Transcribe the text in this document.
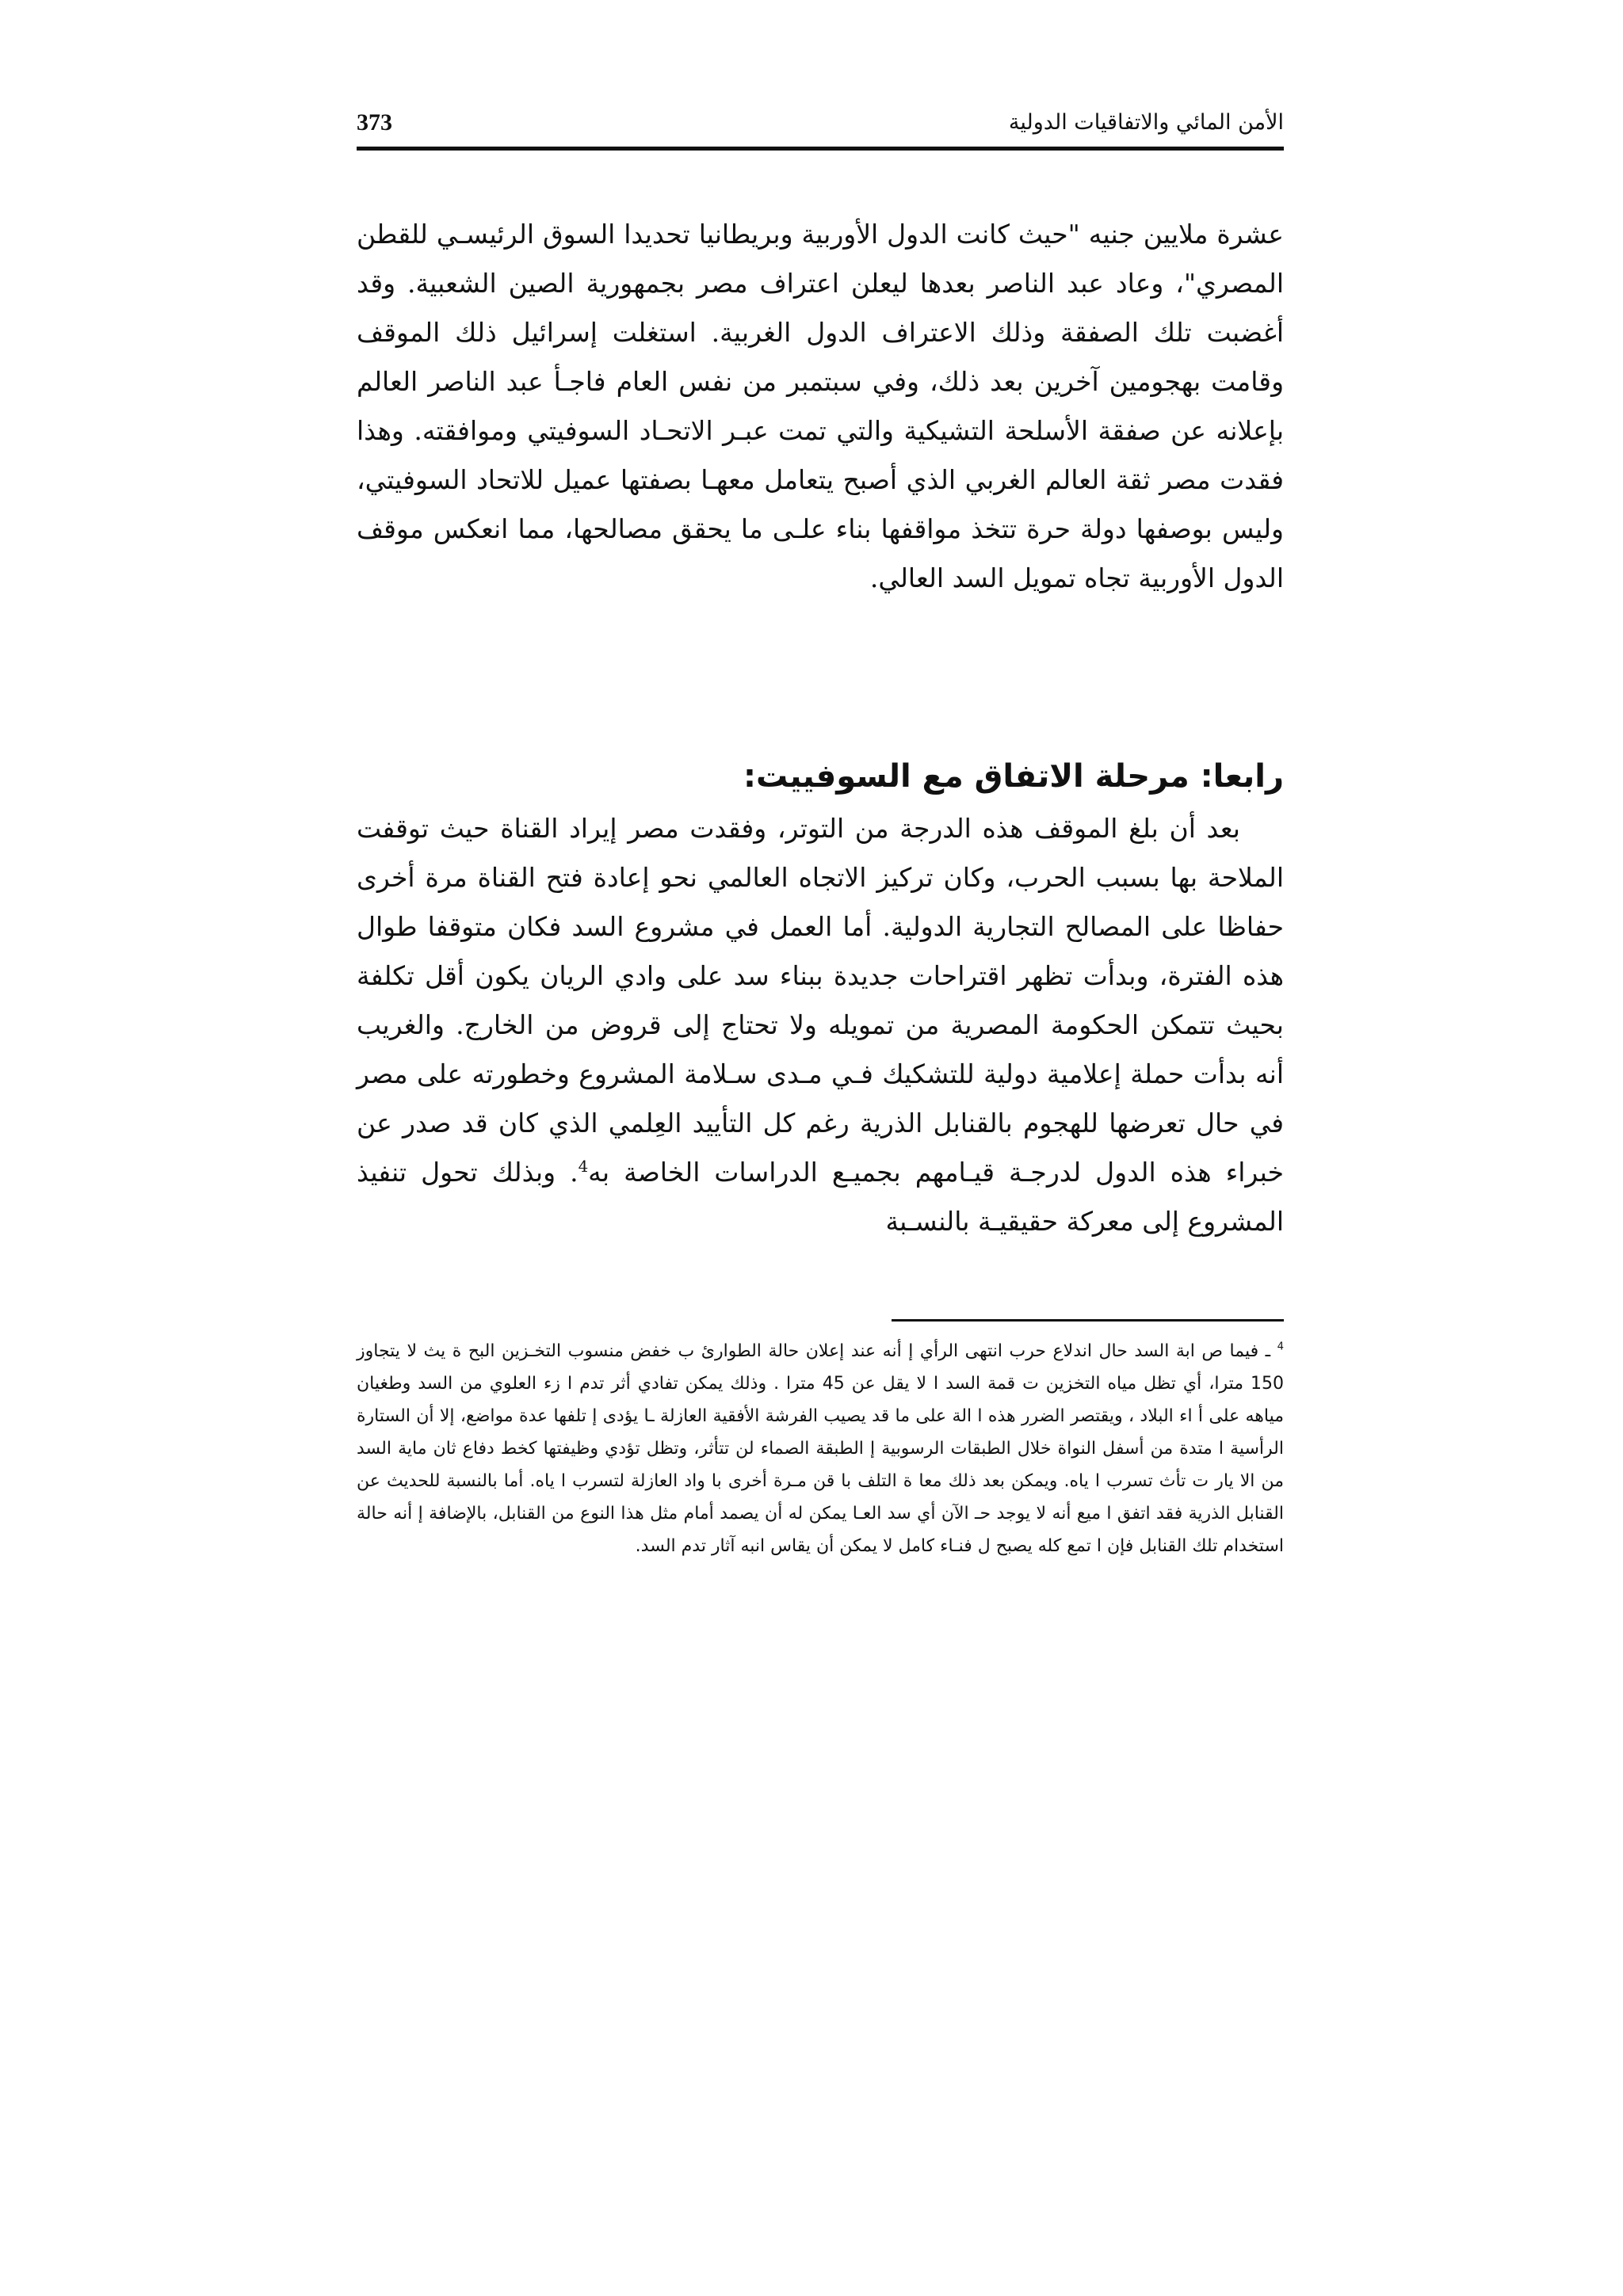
الأمن المائي والاتفاقيات الدولية
373

عشرة ملايين جنيه "حيث كانت الدول الأوربية وبريطانيا تحديدا السوق الرئيسـي للقطن المصري"، وعاد عبد الناصر بعدها ليعلن اعتراف مصر بجمهورية الصين الشعبية. وقد أغضبت تلك الصفقة وذلك الاعتراف الدول الغربية. استغلت إسرائيل ذلك الموقف وقامت بهجومين آخرين بعد ذلك، وفي سبتمبر من نفس العام فاجـأ عبد الناصر العالم بإعلانه عن صفقة الأسلحة التشيكية والتي تمت عبـر الاتحـاد السوفيتي وموافقته. وهذا فقدت مصر ثقة العالم الغربي الذي أصبح يتعامل معهـا بصفتها عميل للاتحاد السوفيتي، وليس بوصفها دولة حرة تتخذ مواقفها بناء علـى ما يحقق مصالحها، مما انعكس موقف الدول الأوربية تجاه تمويل السد العالي.

رابعا: مرحلة الاتفاق مع السوفييت:

بعد أن بلغ الموقف هذه الدرجة من التوتر، وفقدت مصر إيراد القناة حيث توقفت الملاحة بها بسبب الحرب، وكان تركيز الاتجاه العالمي نحو إعادة فتح القناة مرة أخرى حفاظا على المصالح التجارية الدولية. أما العمل في مشروع السد فكان متوقفا طوال هذه الفترة، وبدأت تظهر اقتراحات جديدة ببناء سد على وادي الريان يكون أقل تكلفة بحيث تتمكن الحكومة المصرية من تمويله ولا تحتاج إلى قروض من الخارج. والغريب أنه بدأت حملة إعلامية دولية للتشكيك فـي مـدى سـلامة المشروع وخطورته على مصر في حال تعرضها للهجوم بالقنابل الذرية رغم كل التأييد العِلمي الذي كان قد صدر عن خبراء هذه الدول لدرجـة قيـامهم بجميـع الدراسات الخاصة به$^4$. وبذلك تحول تنفيذ المشروع إلى معركة حقيقيـة بالنسـبة

$^4$ ـ فيما ص ابة السد حال اندلاع حرب انتهى الرأي إ أنه عند إعلان حالة الطوارئ ب خفض منسوب التخـزين البح ة يث لا يتجاوز 150 مترا، أي تظل مياه التخزين ت قمة السد ا لا يقل عن 45 مترا . وذلك يمكن تفادي أثر تدم ا زء العلوي من السد وطغيان مياهه على أ اء البلاد ، ويقتصر الضرر هذه ا الة على ما قد يصيب الفرشة الأفقية العازلة ـا يؤدى إ تلفها عدة مواضع، إلا أن الستارة الرأسية ا متدة من أسفل النواة خلال الطبقات الرسوبية إ الطبقة الصماء لن تتأثر، وتظل تؤدي وظيفتها كخط دفاع ثان ماية السد من الا يار ت تأث تسرب ا ياه. ويمكن بعد ذلك معا ة التلف با قن مـرة أخرى با واد العازلة لتسرب ا ياه. أما بالنسبة للحديث عن القنابل الذرية فقد اتفق ا ميع أنه لا يوجد حـ الآن أي سد العـا يمكن له أن يصمد أمام مثل هذا النوع من القنابل، بالإضافة إ أنه حالة استخدام تلك القنابل فإن ا تمع كله يصبح ل فنـاء كامل لا يمكن أن يقاس انبه آثار تدم السد.
